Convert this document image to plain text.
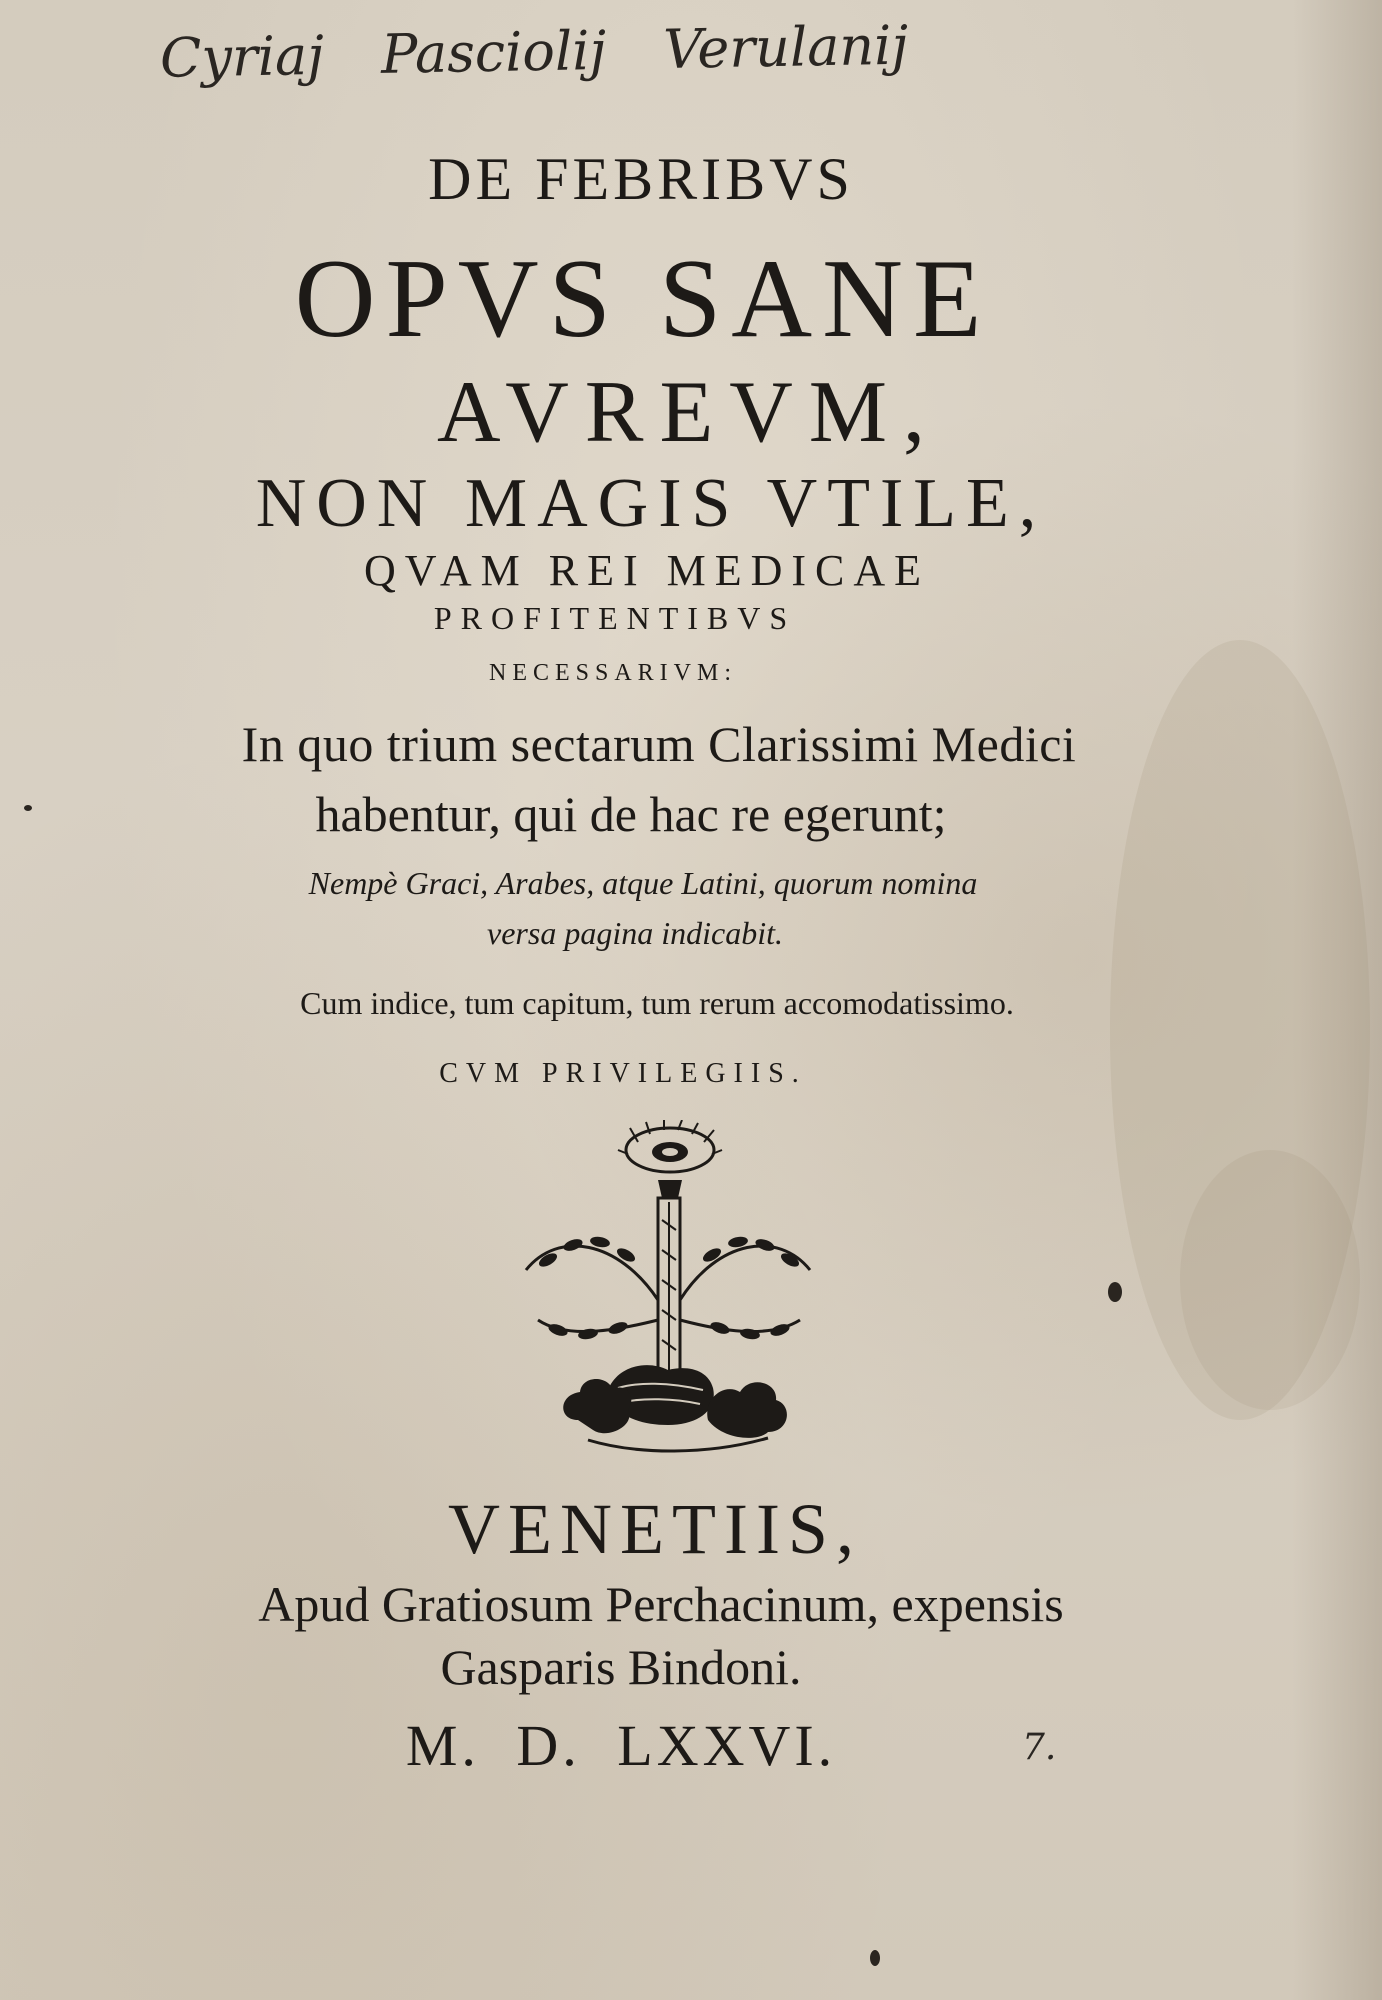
Cyriaj Pasciolij Verulanij

DE FEBRIBVS

OPVS SANE

AVREVM,

NON MAGIS VTILE,

QVAM REI MEDICAE

PROFITENTIBVS

NECESSARIVM:

In quo trium sectarum Clarissimi Medici

habentur, qui de hac re egerunt;

Nempè Graci, Arabes, atque Latini, quorum nomina

versa pagina indicabit.

Cum indice, tum capitum, tum rerum accomodatissimo.

CVM PRIVILEGIIS.

VENETIIS,

Apud Gratiosum Perchacinum, expensis

Gasparis Bindoni.

M. D. LXXVI.	7.
